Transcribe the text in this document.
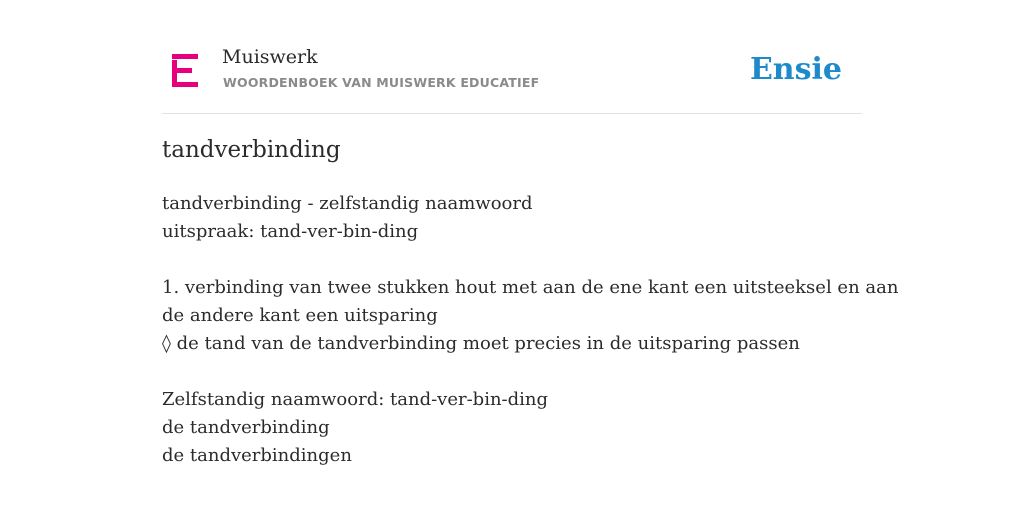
Muiswerk
WOORDENBOEK VAN MUISWERK EDUCATIEF	Ensie
tandverbinding
tandverbinding - zelfstandig naamwoord
uitspraak: tand-ver-bin-ding
1. verbinding van twee stukken hout met aan de ene kant een uitsteeksel en aan
de andere kant een uitsparing
◊ de tand van de tandverbinding moet precies in de uitsparing passen
Zelfstandig naamwoord: tand-ver-bin-ding
de tandverbinding
de tandverbindingen
